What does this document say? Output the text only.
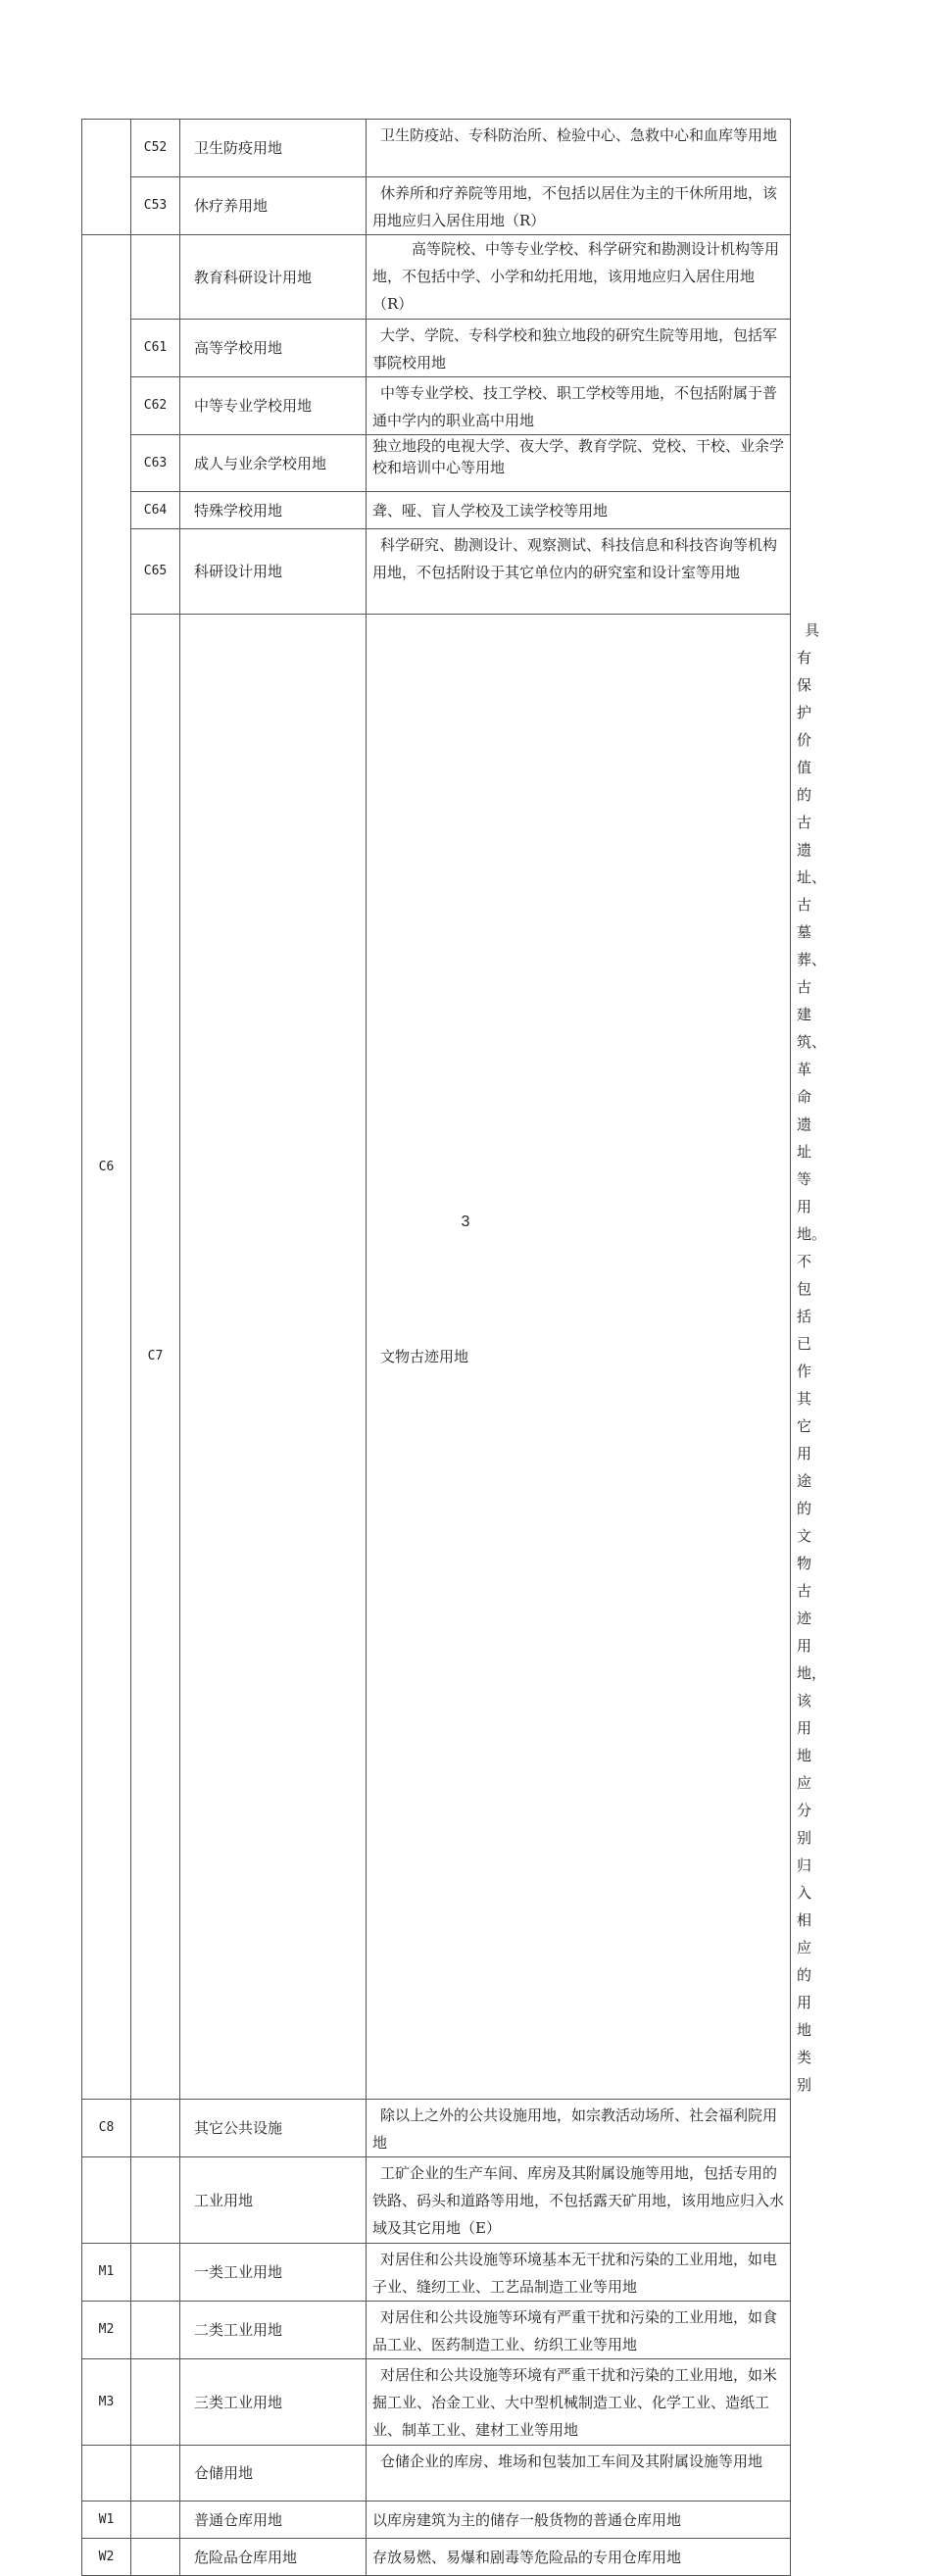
	C52	卫生防疫用地	卫生防疫站、专科防治所、检验中心、急救中心和血库等用地	

	C53	休疗养用地	休养所和疗养院等用地，不包括以居住为主的干休所用地，该用地应归入居住用地（R）	

C6		教育科研设计用地	高等院校、中等专业学校、科学研究和勘测设计机构等用地，不包括中学、小学和幼托用地，该用地应归入居住用地（R）	

	C61	高等学校用地	大学、学院、专科学校和独立地段的研究生院等用地，包括军事院校用地	

	C62	中等专业学校用地	中等专业学校、技工学校、职工学校等用地，不包括附属于普通中学内的职业高中用地	

	C63	成人与业余学校用地	独立地段的电视大学、夜大学、教育学院、党校、干校、业余学校和培训中心等用地	

	C64	特殊学校用地	聋、哑、盲人学校及工读学校等用地	

	C65	科研设计用地	科学研究、勘测设计、观察测试、科技信息和科技咨询等机构用地，不包括附设于其它单位内的研究室和设计室等用地	

	C7		文物古迹用地	具有保护价值的古遗址、古墓葬、古建筑、革命遗址等用地。不包括已作其它用途的文物古迹用地，该用地应分别归入相应的用地类别

C8		其它公共设施	除以上之外的公共设施用地，如宗教活动场所、社会福利院用地	

		工业用地	工矿企业的生产车间、库房及其附属设施等用地，包括专用的铁路、码头和道路等用地，不包括露天矿用地，该用地应归入水域及其它用地（E）	

M1		一类工业用地	对居住和公共设施等环境基本无干扰和污染的工业用地，如电子业、缝纫工业、工艺品制造工业等用地	

M2		二类工业用地	对居住和公共设施等环境有严重干扰和污染的工业用地，如食品工业、医药制造工业、纺织工业等用地	

M3		三类工业用地	对居住和公共设施等环境有严重干扰和污染的工业用地，如米掘工业、冶金工业、大中型机械制造工业、化学工业、造纸工业、制革工业、建材工业等用地	

		仓储用地	仓储企业的库房、堆场和包装加工车间及其附属设施等用地	

W1		普通仓库用地	以库房建筑为主的储存一般货物的普通仓库用地	

W2		危险品仓库用地	存放易燃、易爆和剧毒等危险品的专用仓库用地	
3
